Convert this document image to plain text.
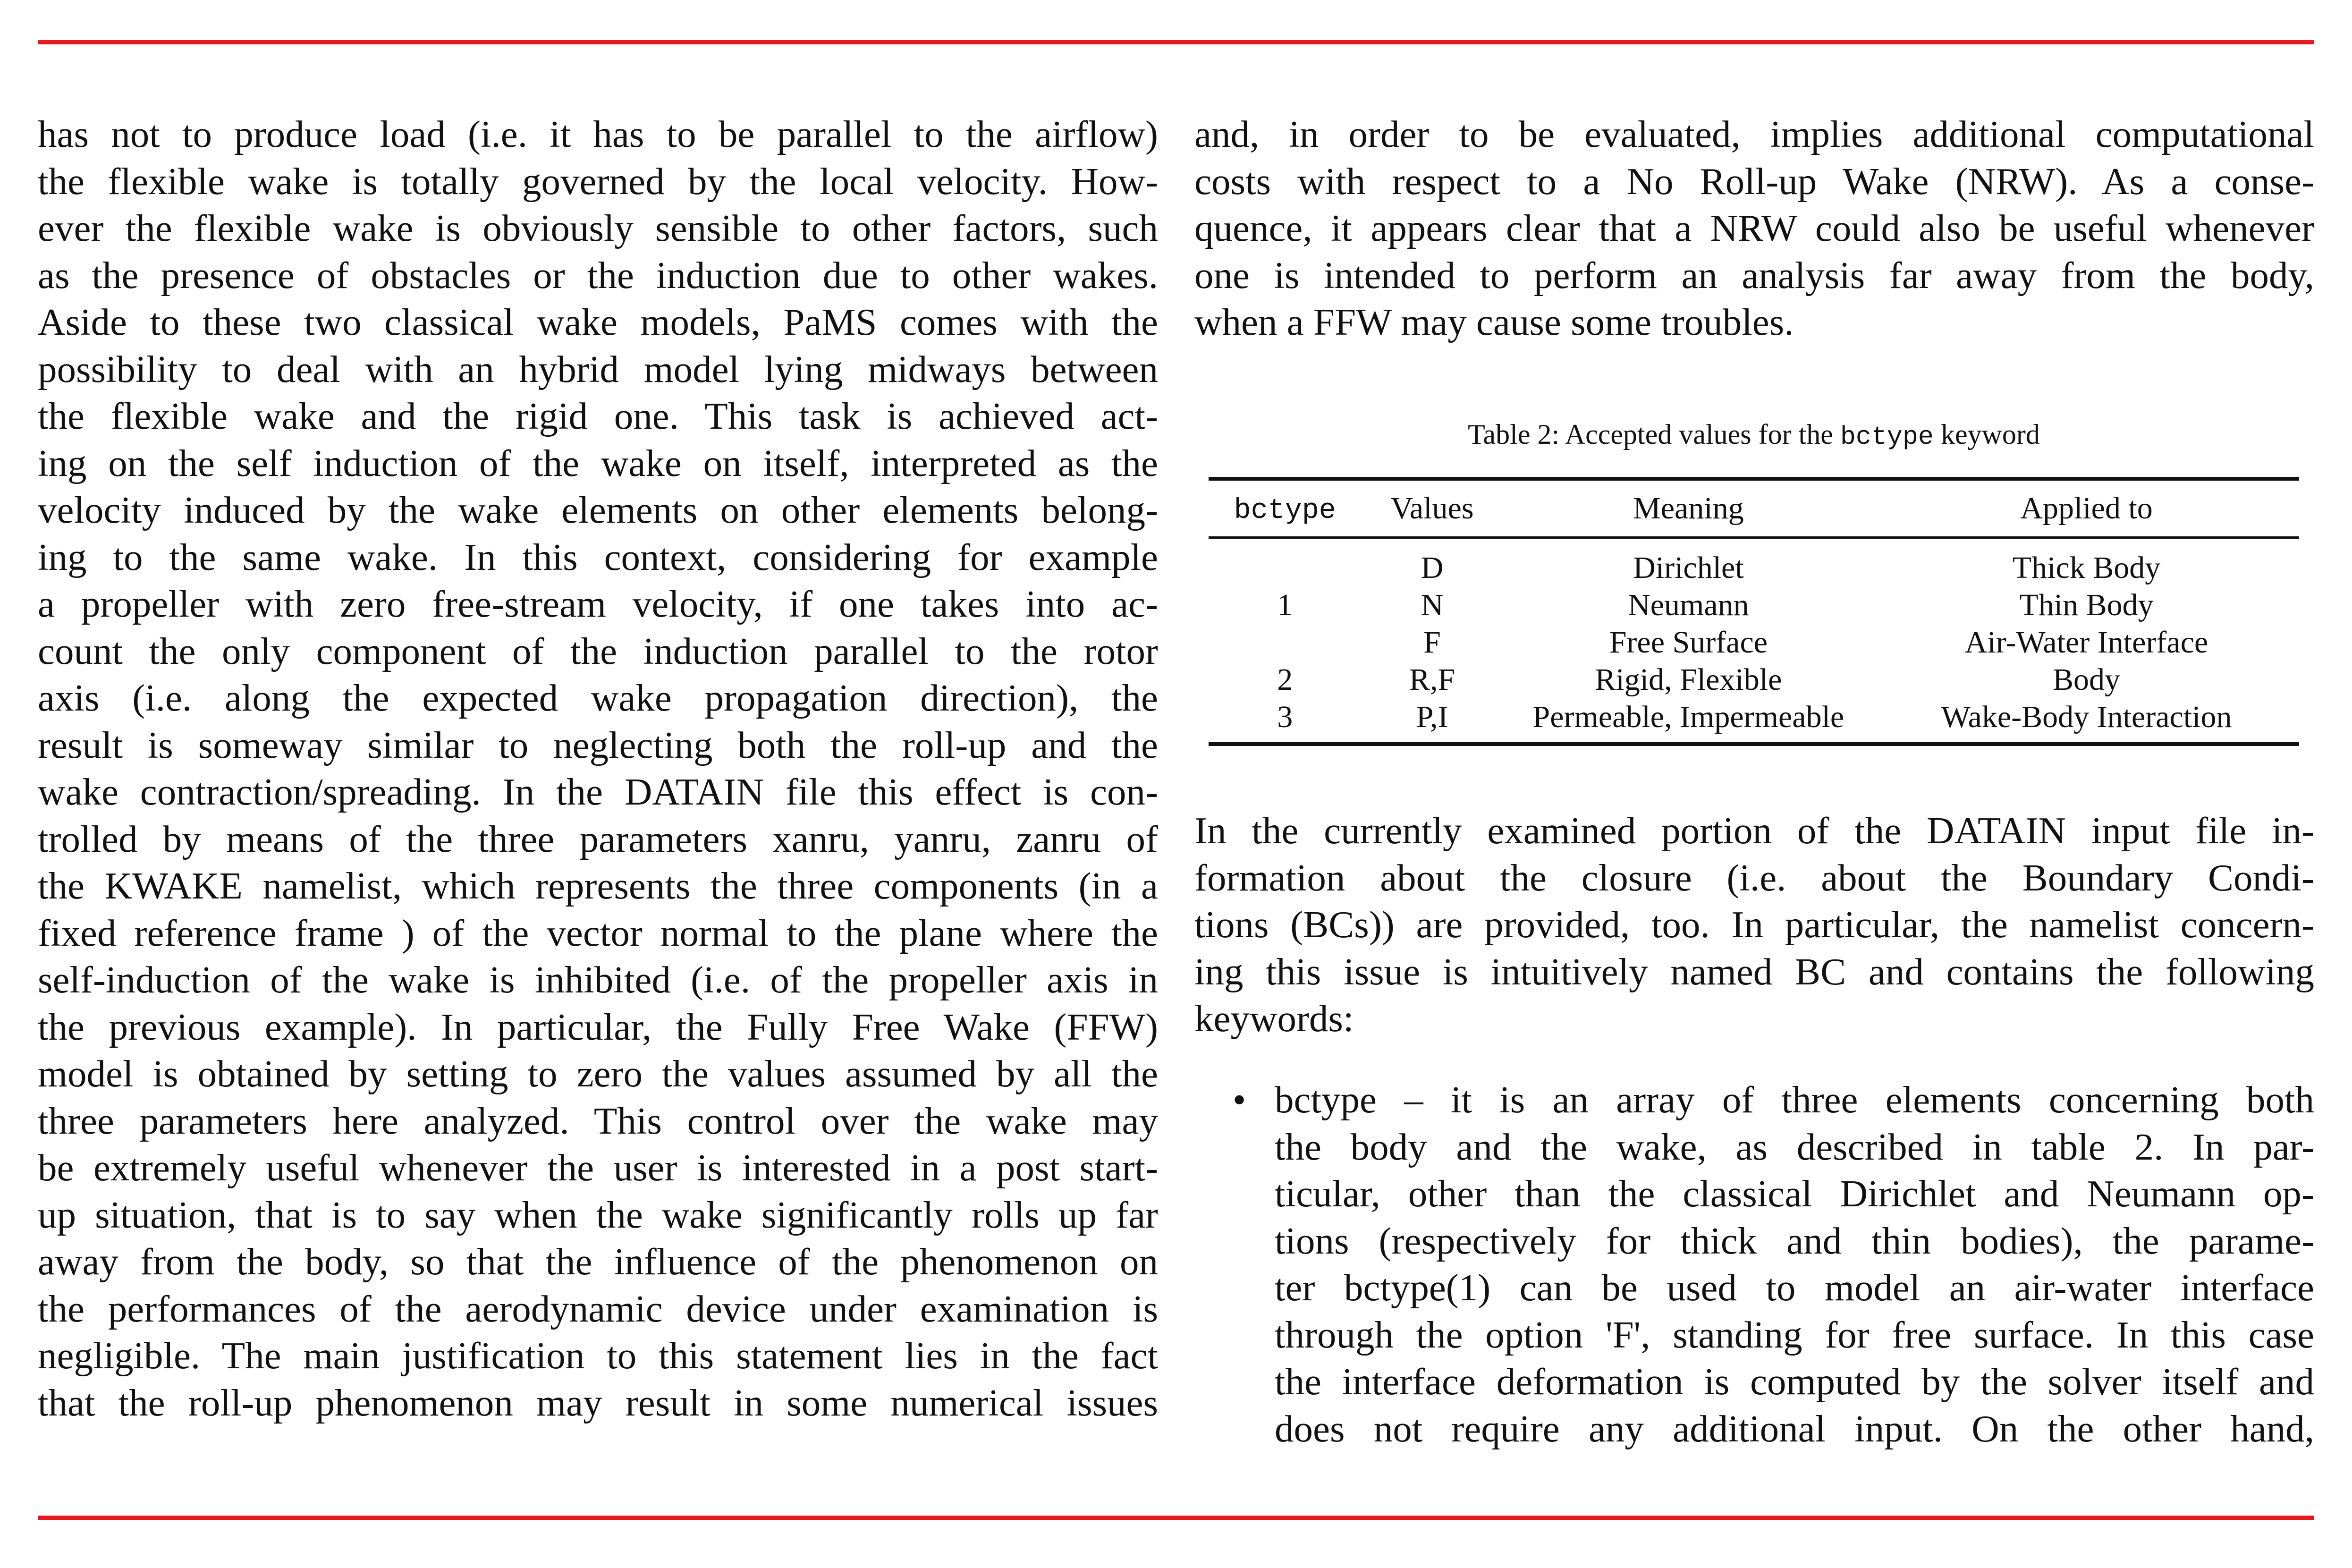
has not to produce load (i.e. it has to be parallel to the airflow)
the flexible wake is totally governed by the local velocity. How-
ever the flexible wake is obviously sensible to other factors, such
as the presence of obstacles or the induction due to other wakes.
Aside to these two classical wake models, PaMS comes with the
possibility to deal with an hybrid model lying midways between
the flexible wake and the rigid one. This task is achieved act-
ing on the self induction of the wake on itself, interpreted as the
velocity induced by the wake elements on other elements belong-
ing to the same wake. In this context, considering for example
a propeller with zero free-stream velocity, if one takes into ac-
count the only component of the induction parallel to the rotor
axis (i.e. along the expected wake propagation direction), the
result is someway similar to neglecting both the roll-up and the
wake contraction/spreading. In the DATAIN file this effect is con-
trolled by means of the three parameters xanru, yanru, zanru of
the KWAKE namelist, which represents the three components (in a
fixed reference frame ) of the vector normal to the plane where the
self-induction of the wake is inhibited (i.e. of the propeller axis in
the previous example). In particular, the Fully Free Wake (FFW)
model is obtained by setting to zero the values assumed by all the
three parameters here analyzed. This control over the wake may
be extremely useful whenever the user is interested in a post start-
up situation, that is to say when the wake significantly rolls up far
away from the body, so that the influence of the phenomenon on
the performances of the aerodynamic device under examination is
negligible. The main justification to this statement lies in the fact
that the roll-up phenomenon may result in some numerical issues
and, in order to be evaluated, implies additional computational
costs with respect to a No Roll-up Wake (NRW). As a conse-
quence, it appears clear that a NRW could also be useful whenever
one is intended to perform an analysis far away from the body,
when a FFW may cause some troubles.
Table 2: Accepted values for the bctype keyword
bctype	Values	Meaning	Applied to
	D	Dirichlet	Thick Body
1	N	Neumann	Thin Body
	F	Free Surface	Air-Water Interface
2	R,F	Rigid, Flexible	Body
3	P,I	Permeable, Impermeable	Wake-Body Interaction
In the currently examined portion of the DATAIN input file in-
formation about the closure (i.e. about the Boundary Condi-
tions (BCs)) are provided, too. In particular, the namelist concern-
ing this issue is intuitively named BC and contains the following
keywords:
• bctype – it is an array of three elements concerning both
the body and the wake, as described in table 2. In par-
ticular, other than the classical Dirichlet and Neumann op-
tions (respectively for thick and thin bodies), the parame-
ter bctype(1) can be used to model an air-water interface
through the option 'F', standing for free surface. In this case
the interface deformation is computed by the solver itself and
does not require any additional input. On the other hand,
